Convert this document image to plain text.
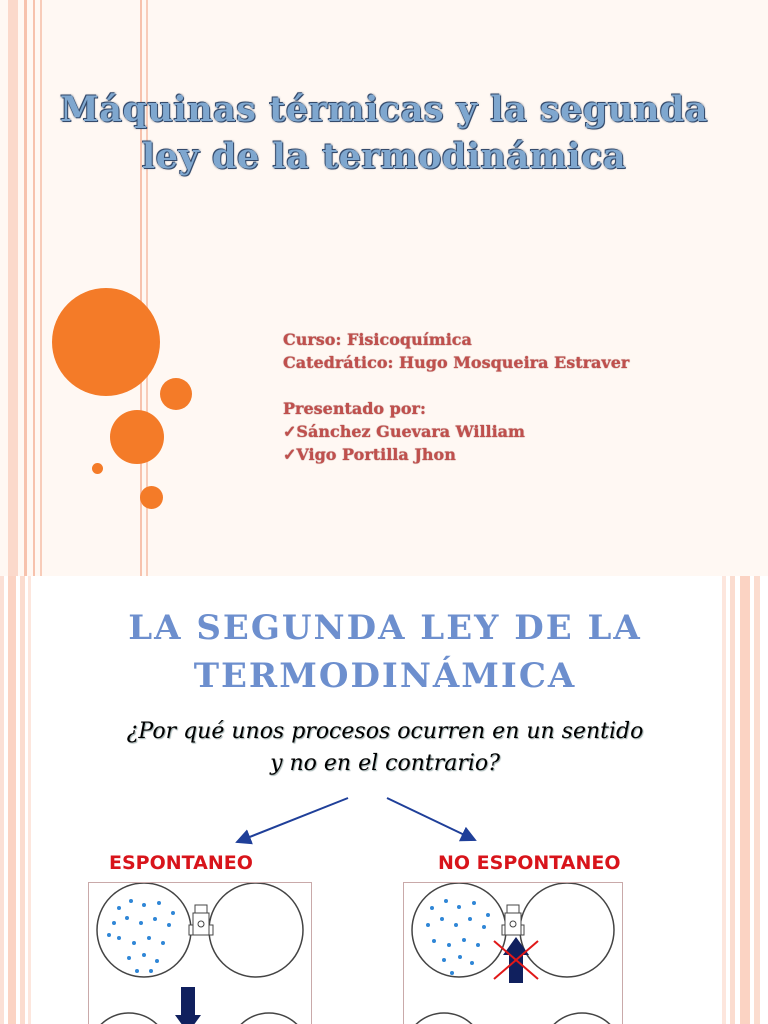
Máquinas térmicas y la segunda
ley de la termodinámica
Curso: Fisicoquímica
Catedrático: Hugo Mosqueira Estraver
Presentado por:
✓Sánchez Guevara William
✓Vigo Portilla Jhon
LA SEGUNDA LEY DE LA
TERMODINÁMICA
¿Por qué unos procesos ocurren en un sentido
y no en el contrario?
ESPONTANEO	NO ESPONTANEO
